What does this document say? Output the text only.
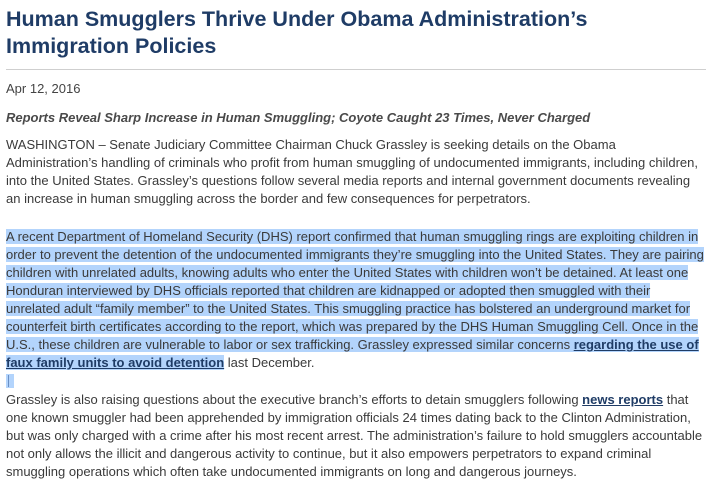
Human Smugglers Thrive Under Obama Administration’s Immigration Policies
Apr 12, 2016
Reports Reveal Sharp Increase in Human Smuggling; Coyote Caught 23 Times, Never Charged

WASHINGTON – Senate Judiciary Committee Chairman Chuck Grassley is seeking details on the Obama Administration’s handling of criminals who profit from human smuggling of undocumented immigrants, including children, into the United States. Grassley’s questions follow several media reports and internal government documents revealing an increase in human smuggling across the border and few consequences for perpetrators.

A recent Department of Homeland Security (DHS) report confirmed that human smuggling rings are exploiting children in order to prevent the detention of the undocumented immigrants they’re smuggling into the United States. They are pairing children with unrelated adults, knowing adults who enter the United States with children won’t be detained. At least one Honduran interviewed by DHS officials reported that children are kidnapped or adopted then smuggled with their unrelated adult “family member” to the United States. This smuggling practice has bolstered an underground market for counterfeit birth certificates according to the report, which was prepared by the DHS Human Smuggling Cell. Once in the U.S., these children are vulnerable to labor or sex trafficking. Grassley expressed similar concerns regarding the use of faux family units to avoid detention last December.

Grassley is also raising questions about the executive branch’s efforts to detain smugglers following news reports that one known smuggler had been apprehended by immigration officials 24 times dating back to the Clinton Administration, but was only charged with a crime after his most recent arrest. The administration’s failure to hold smugglers accountable not only allows the illicit and dangerous activity to continue, but it also empowers perpetrators to expand criminal smuggling operations which often take undocumented immigrants on long and dangerous journeys.
